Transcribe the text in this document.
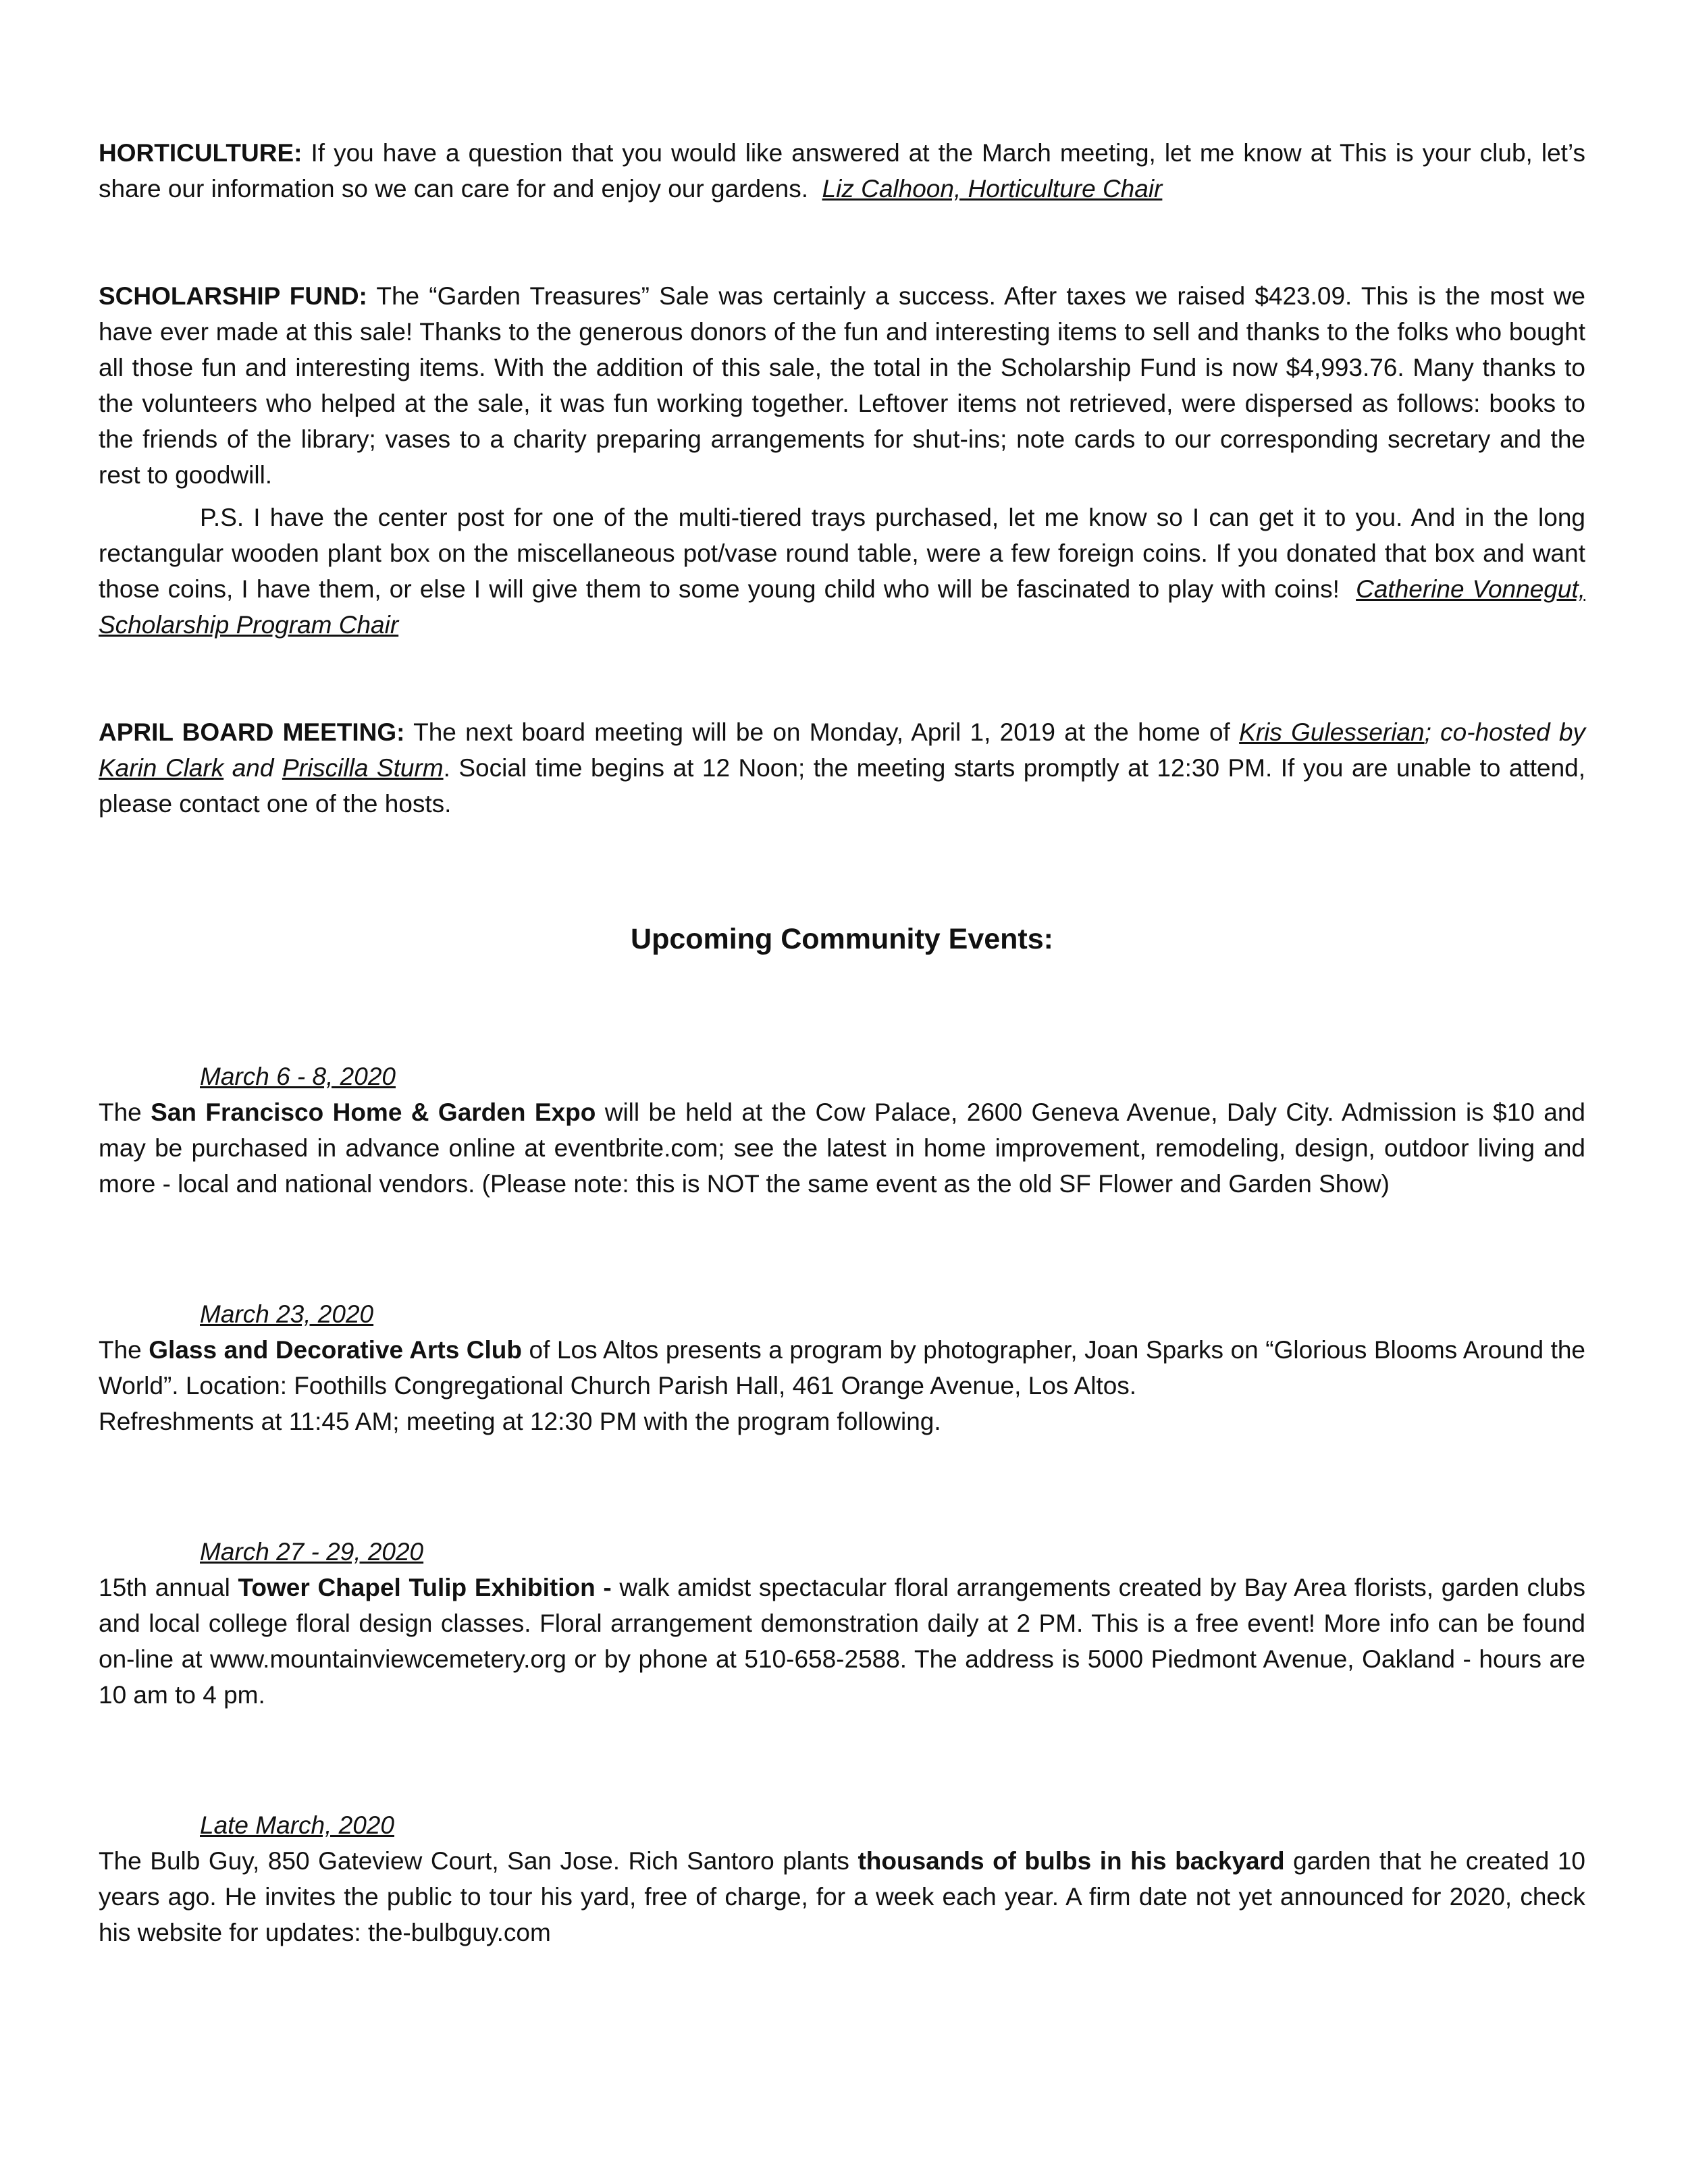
HORTICULTURE: If you have a question that you would like answered at the March meeting, let me know at This is your club, let’s share our information so we can care for and enjoy our gardens. Liz Calhoon, Horticulture Chair

SCHOLARSHIP FUND: The “Garden Treasures” Sale was certainly a success. After taxes we raised $423.09. This is the most we have ever made at this sale! Thanks to the generous donors of the fun and interesting items to sell and thanks to the folks who bought all those fun and interesting items. With the addition of this sale, the total in the Scholarship Fund is now $4,993.76. Many thanks to the volunteers who helped at the sale, it was fun working together. Leftover items not retrieved, were dispersed as follows: books to the friends of the library; vases to a charity preparing arrangements for shut-ins; note cards to our corresponding secretary and the rest to goodwill.

P.S. I have the center post for one of the multi-tiered trays purchased, let me know so I can get it to you. And in the long rectangular wooden plant box on the miscellaneous pot/vase round table, were a few foreign coins. If you donated that box and want those coins, I have them, or else I will give them to some young child who will be fascinated to play with coins! Catherine Vonnegut, Scholarship Program Chair

APRIL BOARD MEETING: The next board meeting will be on Monday, April 1, 2019 at the home of Kris Gulesserian; co-hosted by Karin Clark and Priscilla Sturm. Social time begins at 12 Noon; the meeting starts promptly at 12:30 PM. If you are unable to attend, please contact one of the hosts.

Upcoming Community Events:
March 6 - 8, 2020

The San Francisco Home & Garden Expo will be held at the Cow Palace, 2600 Geneva Avenue, Daly City. Admission is $10 and may be purchased in advance online at eventbrite.com; see the latest in home improvement, remodeling, design, outdoor living and more - local and national vendors. (Please note: this is NOT the same event as the old SF Flower and Garden Show)

March 23, 2020

The Glass and Decorative Arts Club of Los Altos presents a program by photographer, Joan Sparks on “Glorious Blooms Around the World”. Location: Foothills Congregational Church Parish Hall, 461 Orange Avenue, Los Altos.
Refreshments at 11:45 AM; meeting at 12:30 PM with the program following.

March 27 - 29, 2020

15th annual Tower Chapel Tulip Exhibition - walk amidst spectacular floral arrangements created by Bay Area florists, garden clubs and local college floral design classes. Floral arrangement demonstration daily at 2 PM. This is a free event! More info can be found on-line at www.mountainviewcemetery.org or by phone at 510-658-2588. The address is 5000 Piedmont Avenue, Oakland - hours are 10 am to 4 pm.

Late March, 2020

The Bulb Guy, 850 Gateview Court, San Jose. Rich Santoro plants thousands of bulbs in his backyard garden that he created 10 years ago. He invites the public to tour his yard, free of charge, for a week each year. A firm date not yet announced for 2020, check his website for updates: the-bulbguy.com
